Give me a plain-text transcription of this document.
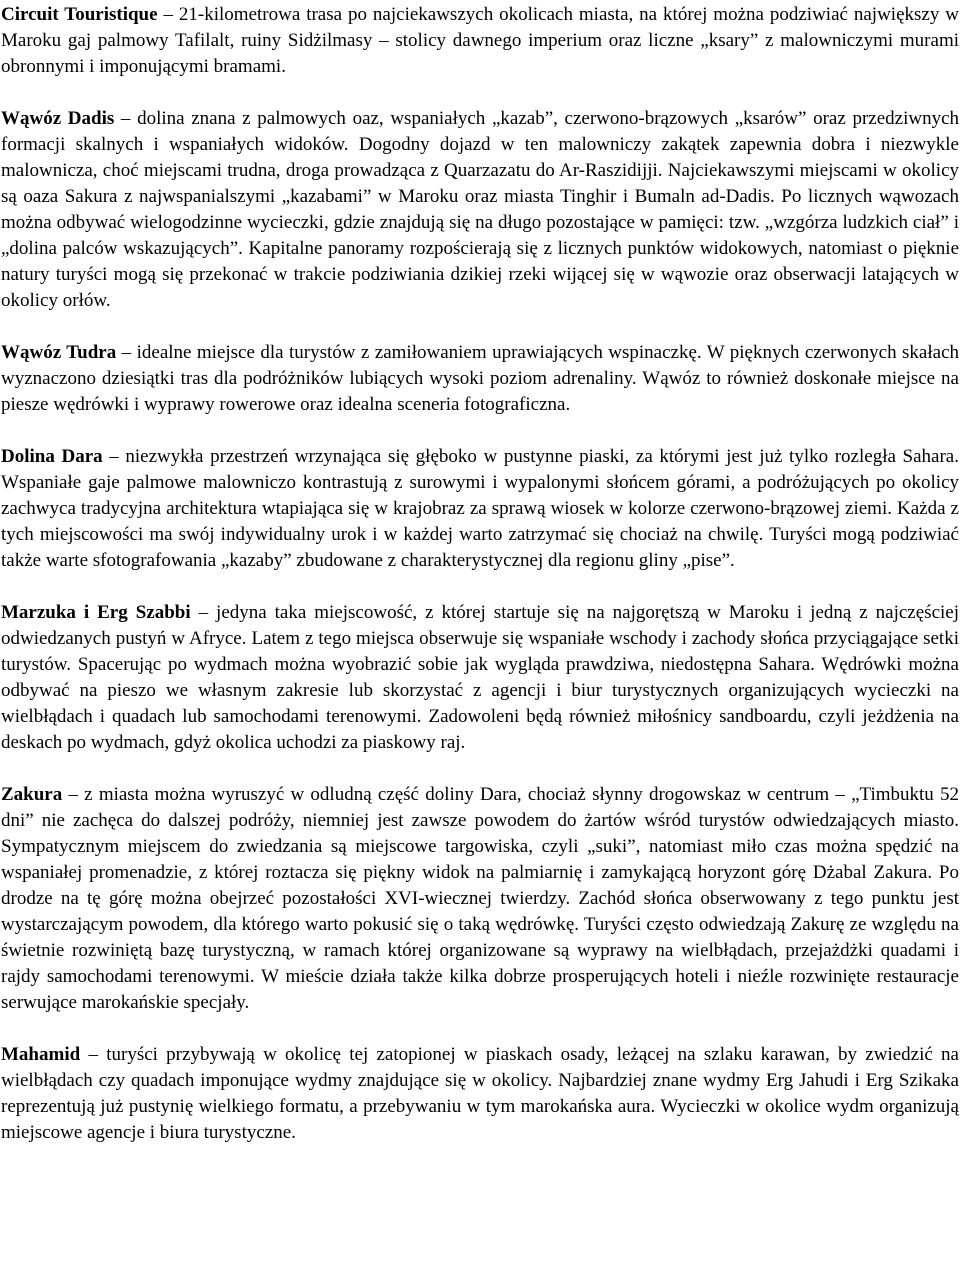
Circuit Touristique – 21-kilometrowa trasa po najciekawszych okolicach miasta, na której można podziwiać największy w Maroku gaj palmowy Tafilalt, ruiny Sidżilmasy – stolicy dawnego imperium oraz liczne „ksary” z malowniczymi murami obronnymi i imponującymi bramami.

Wąwóz Dadis – dolina znana z palmowych oaz, wspaniałych „kazab”, czerwono-brązowych „ksarów” oraz przedziwnych formacji skalnych i wspaniałych widoków. Dogodny dojazd w ten malowniczy zakątek zapewnia dobra i niezwykle malownicza, choć miejscami trudna, droga prowadząca z Quarzazatu do Ar-Raszidijji. Najciekawszymi miejscami w okolicy są oaza Sakura z najwspanialszymi „kazabami” w Maroku oraz miasta Tinghir i Bumaln ad-Dadis. Po licznych wąwozach można odbywać wielogodzinne wycieczki, gdzie znajdują się na długo pozostające w pamięci: tzw. „wzgórza ludzkich ciał” i „dolina palców wskazujących”. Kapitalne panoramy rozpościerają się z licznych punktów widokowych, natomiast o pięknie natury turyści mogą się przekonać w trakcie podziwiania dzikiej rzeki wijącej się w wąwozie oraz obserwacji latających w okolicy orłów.

Wąwóz Tudra – idealne miejsce dla turystów z zamiłowaniem uprawiających wspinaczkę. W pięknych czerwonych skałach wyznaczono dziesiątki tras dla podróżników lubiących wysoki poziom adrenaliny. Wąwóz to również doskonałe miejsce na piesze wędrówki i wyprawy rowerowe oraz idealna sceneria fotograficzna.

Dolina Dara – niezwykła przestrzeń wrzynająca się głęboko w pustynne piaski, za którymi jest już tylko rozległa Sahara. Wspaniałe gaje palmowe malowniczo kontrastują z surowymi i wypalonymi słońcem górami, a podróżujących po okolicy zachwyca tradycyjna architektura wtapiająca się w krajobraz za sprawą wiosek w kolorze czerwono-brązowej ziemi. Każda z tych miejscowości ma swój indywidualny urok i w każdej warto zatrzymać się chociaż na chwilę. Turyści mogą podziwiać także warte sfotografowania „kazaby” zbudowane z charakterystycznej dla regionu gliny „pise”.

Marzuka i Erg Szabbi – jedyna taka miejscowość, z której startuje się na najgorętszą w Maroku i jedną z najczęściej odwiedzanych pustyń w Afryce. Latem z tego miejsca obserwuje się wspaniałe wschody i zachody słońca przyciągające setki turystów. Spacerując po wydmach można wyobrazić sobie jak wygląda prawdziwa, niedostępna Sahara. Wędrówki można odbywać na pieszo we własnym zakresie lub skorzystać z agencji i biur turystycznych organizujących wycieczki na wielbłądach i quadach lub samochodami terenowymi. Zadowoleni będą również miłośnicy sandboardu, czyli jeżdżenia na deskach po wydmach, gdyż okolica uchodzi za piaskowy raj.

Zakura – z miasta można wyruszyć w odludną część doliny Dara, chociaż słynny drogowskaz w centrum – „Timbuktu 52 dni” nie zachęca do dalszej podróży, niemniej jest zawsze powodem do żartów wśród turystów odwiedzających miasto. Sympatycznym miejscem do zwiedzania są miejscowe targowiska, czyli „suki”, natomiast miło czas można spędzić na wspaniałej promenadzie, z której roztacza się piękny widok na palmiarnię i zamykającą horyzont górę Dżabal Zakura. Po drodze na tę górę można obejrzeć pozostałości XVI-wiecznej twierdzy. Zachód słońca obserwowany z tego punktu jest wystarczającym powodem, dla którego warto pokusić się o taką wędrówkę. Turyści często odwiedzają Zakurę ze względu na świetnie rozwiniętą bazę turystyczną, w ramach której organizowane są wyprawy na wielbłądach, przejażdżki quadami i rajdy samochodami terenowymi. W mieście działa także kilka dobrze prosperujących hoteli i nieźle rozwinięte restauracje serwujące marokańskie specjały.

Mahamid – turyści przybywają w okolicę tej zatopionej w piaskach osady, leżącej na szlaku karawan, by zwiedzić na wielbłądach czy quadach imponujące wydmy znajdujące się w okolicy. Najbardziej znane wydmy Erg Jahudi i Erg Szikaka reprezentują już pustynię wielkiego formatu, a przebywaniu w tym marokańska aura. Wycieczki w okolice wydm organizują miejscowe agencje i biura turystyczne.
